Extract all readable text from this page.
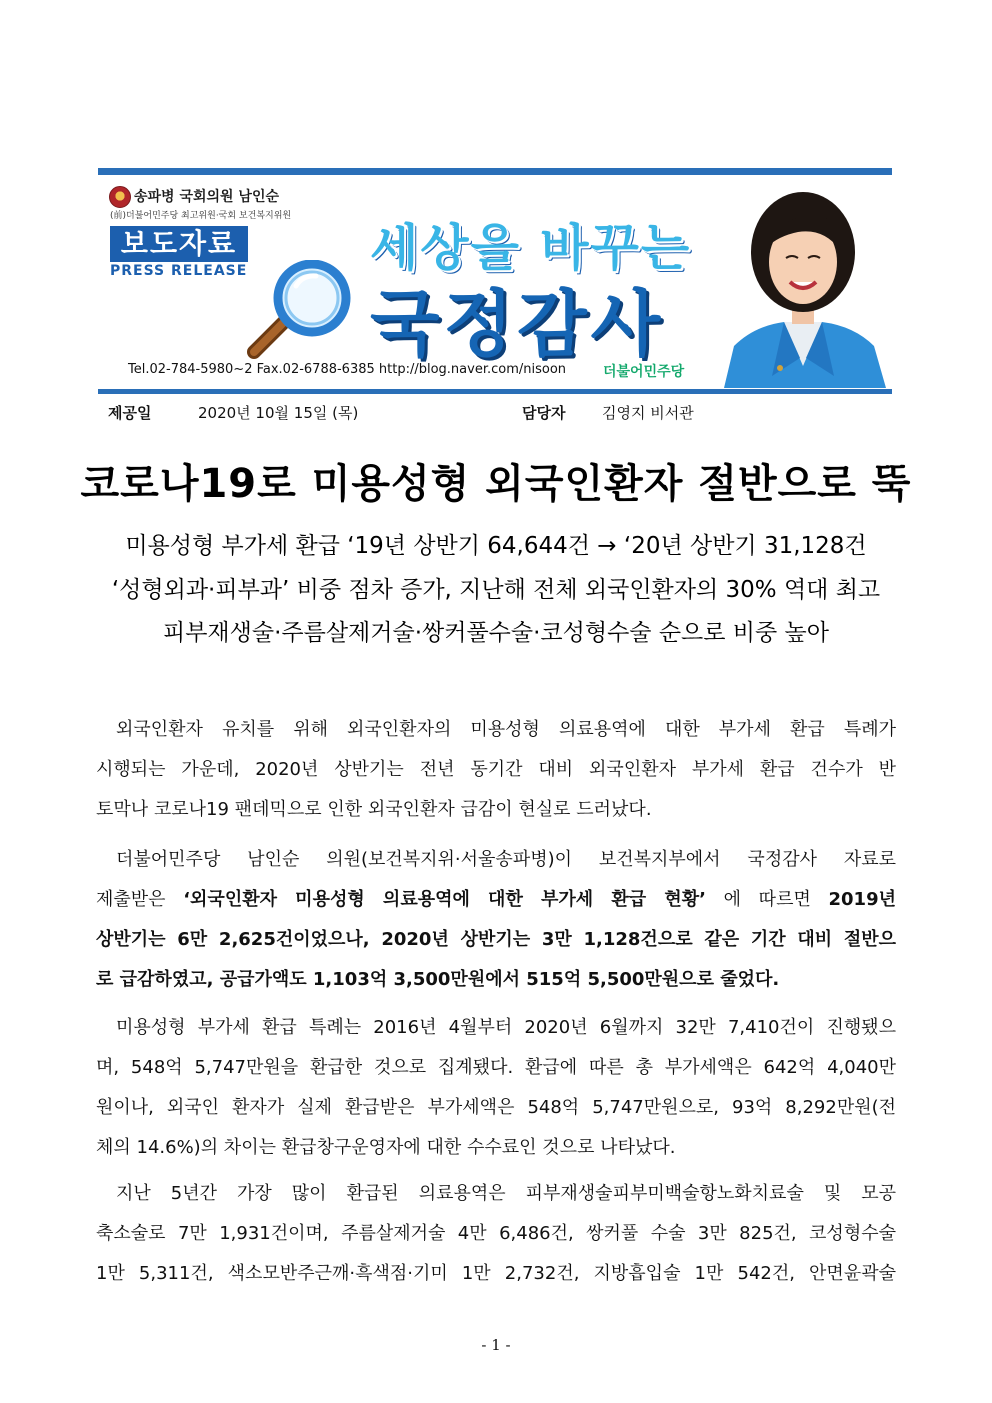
송파병 국회의원 남인순
(前)더불어민주당 최고위원·국회 보건복지위원
보도자료
PRESS RELEASE 세상을 바꾸는
국정감사
Tel.02-784-5980~2 Fax.02-6788-6385 http://blog.naver.com/nisoon	더불어민주당
제공일	2020년 10월 15일 (목)	담당자 김영지 비서관
코로나19로 미용성형 외국인환자 절반으로 뚝
미용성형 부가세 환급 ‘19년 상반기 64,644건 → ‘20년 상반기 31,128건
‘성형외과·피부과’ 비중 점차 증가, 지난해 전체 외국인환자의 30% 역대 최고
피부재생술·주름살제거술·쌍커풀수술·코성형수술 순으로 비중 높아
외국인환자 유치를 위해 외국인환자의 미용성형 의료용역에 대한 부가세 환급 특례가
시행되는 가운데, 2020년 상반기는 전년 동기간 대비 외국인환자 부가세 환급 건수가 반
토막나 코로나19 팬데믹으로 인한 외국인환자 급감이 현실로 드러났다.
더불어민주당 남인순 의원(보건복지위·서울송파병)이 보건복지부에서 국정감사 자료로
제출받은 ‘외국인환자 미용성형 의료용역에 대한 부가세 환급 현황’ 에 따르면 2019년
상반기는 6만 2,625건이었으나, 2020년 상반기는 3만 1,128건으로 같은 기간 대비 절반으
로 급감하였고, 공급가액도 1,103억 3,500만원에서 515억 5,500만원으로 줄었다.
미용성형 부가세 환급 특례는 2016년 4월부터 2020년 6월까지 32만 7,410건이 진행됐으
며, 548억 5,747만원을 환급한 것으로 집계됐다. 환급에 따른 총 부가세액은 642억 4,040만
원이나, 외국인 환자가 실제 환급받은 부가세액은 548억 5,747만원으로, 93억 8,292만원(전
체의 14.6%)의 차이는 환급창구운영자에 대한 수수료인 것으로 나타났다.
지난 5년간 가장 많이 환급된 의료용역은 피부재생술피부미백술항노화치료술 및 모공
축소술로 7만 1,931건이며, 주름살제거술 4만 6,486건, 쌍커풀 수술 3만 825건, 코성형수술
1만 5,311건, 색소모반주근깨·흑색점·기미 1만 2,732건, 지방흡입술 1만 542건, 안면윤곽술
- 1 -
